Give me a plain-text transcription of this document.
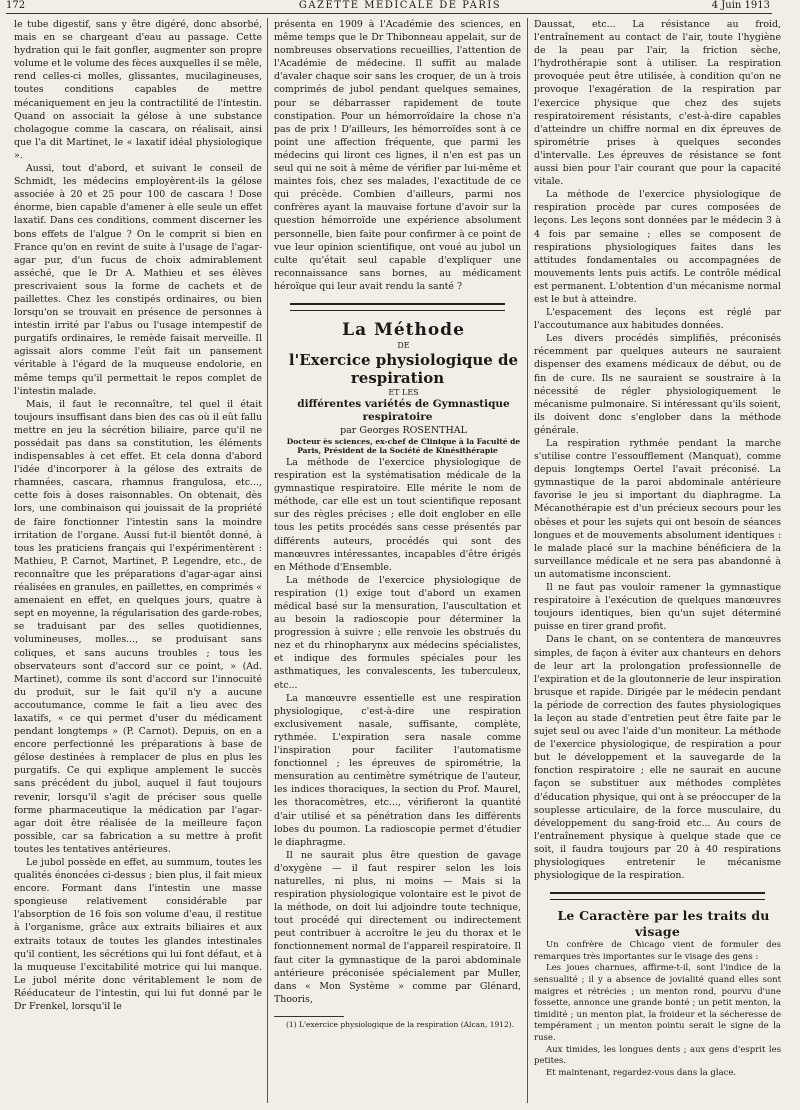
172	GAZETTE MÉDICALE DE PARIS	4 Juin 1913

le tube digestif, sans y être digéré, donc absorbé, mais en se chargeant d'eau au passage. Cette hydration qui le fait gonfler, augmenter son propre volume et le volume des fèces auxquelles il se mêle, rend celles-ci molles, glissantes, mucilagineuses, toutes conditions capables de mettre mécaniquement en jeu la contractilité de l'intestin. Quand on associait la gélose à une substance cholagogue comme la cascara, on réalisait, ainsi que l'a dit Martinet, le « laxatif idéal physiologique ».

Aussi, tout d'abord, et suivant le conseil de Schmidt, les médecins employèrent-ils la gélose associée à 20 et 25 pour 100 de cascara ! Dose énorme, bien capable d'amener à elle seule un effet laxatif. Dans ces conditions, comment discerner les bons effets de l'algue ? On le comprit si bien en France qu'on en revint de suite à l'usage de l'agar-agar pur, d'un fucus de choix admirablement asséché, que le Dr A. Mathieu et ses élèves prescrivaient sous la forme de cachets et de paillettes. Chez les constipés ordinaires, ou bien lorsqu'on se trouvait en présence de personnes à intestin irrité par l'abus ou l'usage intempestif de purgatifs ordinaires, le remède faisait merveille. Il agissait alors comme l'eût fait un pansement véritable à l'égard de la muqueuse endolorie, en même temps qu'il permettait le repos complet de l'intestin malade.

Mais, il faut le reconnaître, tel quel il était toujours insuffisant dans bien des cas où il eût fallu mettre en jeu la sécrétion biliaire, parce qu'il ne possédait pas dans sa constitution, les éléments indispensables à cet effet. Et cela donna d'abord l'idée d'incorporer à la gélose des extraits de rhamnées, cascara, rhamnus frangulosa, etc..., cette fois à doses raisonnables. On obtenait, dès lors, une combinaison qui jouissait de la propriété de faire fonctionner l'intestin sans la moindre irritation de l'organe. Aussi fut-il bientôt donné, à tous les praticiens français qui l'expérimentèrent : Mathieu, P. Carnot, Martinet, P. Legendre, etc., de reconnaître que les préparations d'agar-agar ainsi réalisées en granules, en paillettes, en comprimés « amenaient en effet, en quelques jours, quatre à sept en moyenne, la régularisation des garde-robes, se traduisant par des selles quotidiennes, volumineuses, molles..., se produisant sans coliques, et sans aucuns troubles ; tous les observateurs sont d'accord sur ce point, » (Ad. Martinet), comme ils sont d'accord sur l'innocuité du produit, sur le fait qu'il n'y a aucune accoutumance, comme le fait a lieu avec des laxatifs, « ce qui permet d'user du médicament pendant longtemps » (P. Carnot). Depuis, on en a encore perfectionné les préparations à base de gélose destinées à remplacer de plus en plus les purgatifs. Ce qui explique amplement le succès sans précédent du jubol, auquel il faut toujours revenir, lorsqu'il s'agit de préciser sous quelle forme pharmaceutique la médication par l'agar-agar doit être réalisée de la meilleure façon possible, car sa fabrication a su mettre à profit toutes les tentatives antérieures.

Le jubol possède en effet, au summum, toutes les qualités énoncées ci-dessus ; bien plus, il fait mieux encore. Formant dans l'intestin une masse spongieuse relativement considérable par l'absorption de 16 fois son volume d'eau, il restitue à l'organisme, grâce aux extraits biliaires et aux extraits totaux de toutes les glandes intestinales qu'il contient, les sécrétions qui lui font défaut, et à la muqueuse l'excitabilité motrice qui lui manque. Le jubol mérite donc véritablement le nom de Rééducateur de l'intestin, qui lui fut donné par le Dr Frenkel, lorsqu'il le

présenta en 1909 à l'Académie des sciences, en même temps que le Dr Thibonneau appelait, sur de nombreuses observations recueillies, l'attention de l'Académie de médecine. Il suffit au malade d'avaler chaque soir sans les croquer, de un à trois comprimés de jubol pendant quelques semaines, pour se débarrasser rapidement de toute constipation. Pour un hémorroïdaire la chose n'a pas de prix ! D'ailleurs, les hémorroïdes sont à ce point une affection fréquente, que parmi les médecins qui liront ces lignes, il n'en est pas un seul qui ne soit à même de vérifier par lui-même et maintes fois, chez ses malades, l'exactitude de ce qui précède. Combien d'ailleurs, parmi nos confrères ayant la mauvaise fortune d'avoir sur la question hémorroïde une expérience absolument personnelle, bien faite pour confirmer à ce point de vue leur opinion scientifique, ont voué au jubol un culte qu'était seul capable d'expliquer une reconnaissance sans bornes, au médicament héroïque qui leur avait rendu la santé ?

La Méthode

DE

l'Exercice physiologique de respiration

ET LES

différentes variétés de Gymnastique respiratoire

par Georges ROSENTHAL

Docteur ès sciences, ex-chef de Clinique à la Faculté de Paris, Président de la Société de Kinésithérapie

La méthode de l'exercice physiologique de respiration est la systématisation médicale de la gymnastique respiratoire. Elle mérite le nom de méthode, car elle est un tout scientifique reposant sur des règles précises ; elle doit englober en elle tous les petits procédés sans cesse présentés par différents auteurs, procédés qui sont des manœuvres intéressantes, incapables d'être érigés en Méthode d'Ensemble.

La méthode de l'exercice physiologique de respiration (1) exige tout d'abord un examen médical basé sur la mensuration, l'auscultation et au besoin la radioscopie pour déterminer la progression à suivre ; elle renvoie les obstrués du nez et du rhinopharynx aux médecins spécialistes, et indique des formules spéciales pour les asthmatiques, les convalescents, les tuberculeux, etc...

La manœuvre essentielle est une respiration physiologique, c'est-à-dire une respiration exclusivement nasale, suffisante, complète, rythmée. L'expiration sera nasale comme l'inspiration pour faciliter l'automatisme fonctionnel ; les épreuves de spirométrie, la mensuration au centimètre symétrique de l'auteur, les indices thoraciques, la section du Prof. Maurel, les thoracomètres, etc..., vérifieront la quantité d'air utilisé et sa pénétration dans les différents lobes du poumon. La radioscopie permet d'étudier le diaphragme.

Il ne saurait plus être question de gavage d'oxygène — il faut respirer selon les lois naturelles, ni plus, ni moins — Mais si la respiration physiologique volontaire est le pivot de la méthode, on doit lui adjoindre toute technique, tout procédé qui directement ou indirectement peut contribuer à accroître le jeu du thorax et le fonctionnement normal de l'appareil respiratoire. Il faut citer la gymnastique de la paroi abdominale antérieure préconisée spécialement par Muller, dans « Mon Système » comme par Glénard, Thooris,

(1) L'exercice physiologique de la respiration (Alcan, 1912).

Daussat, etc... La résistance au froid, l'entraînement au contact de l'air, toute l'hygiène de la peau par l'air, la friction sèche, l'hydrothérapie sont à utiliser. La respiration provoquée peut être utilisée, à condition qu'on ne provoque l'exagération de la respiration par l'exercice physique que chez des sujets respiratoirement résistants, c'est-à-dire capables d'atteindre un chiffre normal en dix épreuves de spirométrie prises à quelques secondes d'intervalle. Les épreuves de résistance se font aussi bien pour l'air courant que pour la capacité vitale.

La méthode de l'exercice physiologique de respiration procède par cures composées de leçons. Les leçons sont données par le médecin 3 à 4 fois par semaine ; elles se composent de respirations physiologiques faites dans les attitudes fondamentales ou accompagnées de mouvements lents puis actifs. Le contrôle médical est permanent. L'obtention d'un mécanisme normal est le but à atteindre.

L'espacement des leçons est réglé par l'accoutumance aux habitudes données.

Les divers procédés simplifiés, préconisés récemment par quelques auteurs ne sauraient dispenser des examens médicaux de début, ou de fin de cure. Ils ne sauraient se soustraire à la nécessité de régler physiologiquement le mécanisme pulmonaire. Si intéressant qu'ils soient, ils doivent donc s'englober dans la méthode générale.

La respiration rythmée pendant la marche s'utilise contre l'essoufflement (Manquat), comme depuis longtemps Oertel l'avait préconisé. La gymnastique de la paroi abdominale antérieure favorise le jeu si important du diaphragme. La Mécanothérapie est d'un précieux secours pour les obèses et pour les sujets qui ont besoin de séances longues et de mouvements absolument identiques : le malade placé sur la machine bénéficiera de la surveillance médicale et ne sera pas abandonné à un automatisme inconscient.

Il ne faut pas vouloir ramener la gymnastique respiratoire à l'exécution de quelques manœuvres toujours identiques, bien qu'un sujet déterminé puisse en tirer grand profit.

Dans le chant, on se contentera de manœuvres simples, de façon à éviter aux chanteurs en dehors de leur art la prolongation professionnelle de l'expiration et de la gloutonnerie de leur inspiration brusque et rapide. Dirigée par le médecin pendant la période de correction des fautes physiologiques la leçon au stade d'entretien peut être faite par le sujet seul ou avec l'aide d'un moniteur. La méthode de l'exercice physiologique, de respiration a pour but le développement et la sauvegarde de la fonction respiratoire ; elle ne saurait en aucune façon se substituer aux méthodes complètes d'éducation physique, qui ont à se préoccuper de la souplesse articulaire, de la force musculaire, du développement du sang-froid etc... Au cours de l'entraînement physique à quelque stade que ce soit, il faudra toujours par 20 à 40 respirations physiologiques entretenir le mécanisme physiologique de la respiration.

Le Caractère par les traits du visage

Un confrère de Chicago vient de formuler des remarques très importantes sur le visage des gens :

Les joues charnues, affirme-t-il, sont l'indice de la sensualité ; il y a absence de jovialité quand elles sont maigres et rétrécies ; un menton rond, pourvu d'une fossette, annonce une grande bonté ; un petit menton, la timidité ; un menton plat, la froideur et la sécheresse de tempérament ; un menton pointu serait le signe de la ruse.

Aux timides, les longues dents ; aux gens d'esprit les petites.

Et maintenant, regardez-vous dans la glace.
